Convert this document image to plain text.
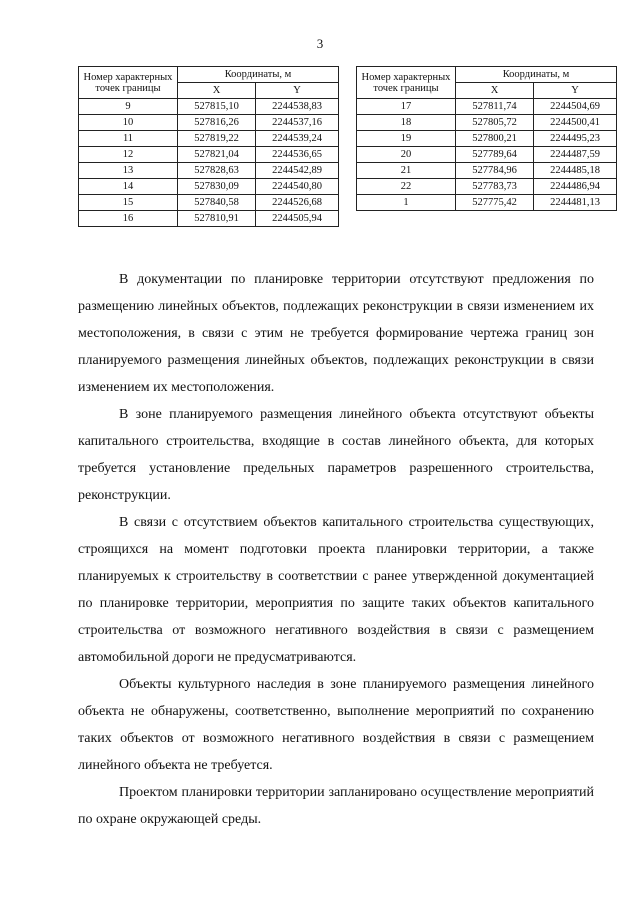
3
Номер характерных точек границы	Координаты, м	
	X	Y
9	527815,10	2244538,83
10	527816,26	2244537,16
11	527819,22	2244539,24
12	527821,04	2244536,65
13	527828,63	2244542,89
14	527830,09	2244540,80
15	527840,58	2244526,68
16	527810,91	2244505,94
Номер характерных точек границы	Координаты, м	
	X	Y
17	527811,74	2244504,69
18	527805,72	2244500,41
19	527800,21	2244495,23
20	527789,64	2244487,59
21	527784,96	2244485,18
22	527783,73	2244486,94
1	527775,42	2244481,13

В документации по планировке территории отсутствуют предложения по размещению линейных объектов, подлежащих реконструкции в связи изменением их местоположения, в связи с этим не требуется формирование чертежа границ зон планируемого размещения линейных объектов, подлежащих реконструкции в связи изменением их местоположения.

В зоне планируемого размещения линейного объекта отсутствуют объекты капитального строительства, входящие в состав линейного объекта, для которых требуется установление предельных параметров разрешенного строительства, реконструкции.

В связи с отсутствием объектов капитального строительства существующих, строящихся на момент подготовки проекта планировки территории, а также планируемых к строительству в соответствии с ранее утвержденной документацией по планировке территории, мероприятия по защите таких объектов капитального строительства от возможного негативного воздействия в связи с размещением автомобильной дороги не предусматриваются.

Объекты культурного наследия в зоне планируемого размещения линейного объекта не обнаружены, соответственно, выполнение мероприятий по сохранению таких объектов от возможного негативного воздействия в связи с размещением линейного объекта не требуется.

Проектом планировки территории запланировано осуществление мероприятий по охране окружающей среды.
